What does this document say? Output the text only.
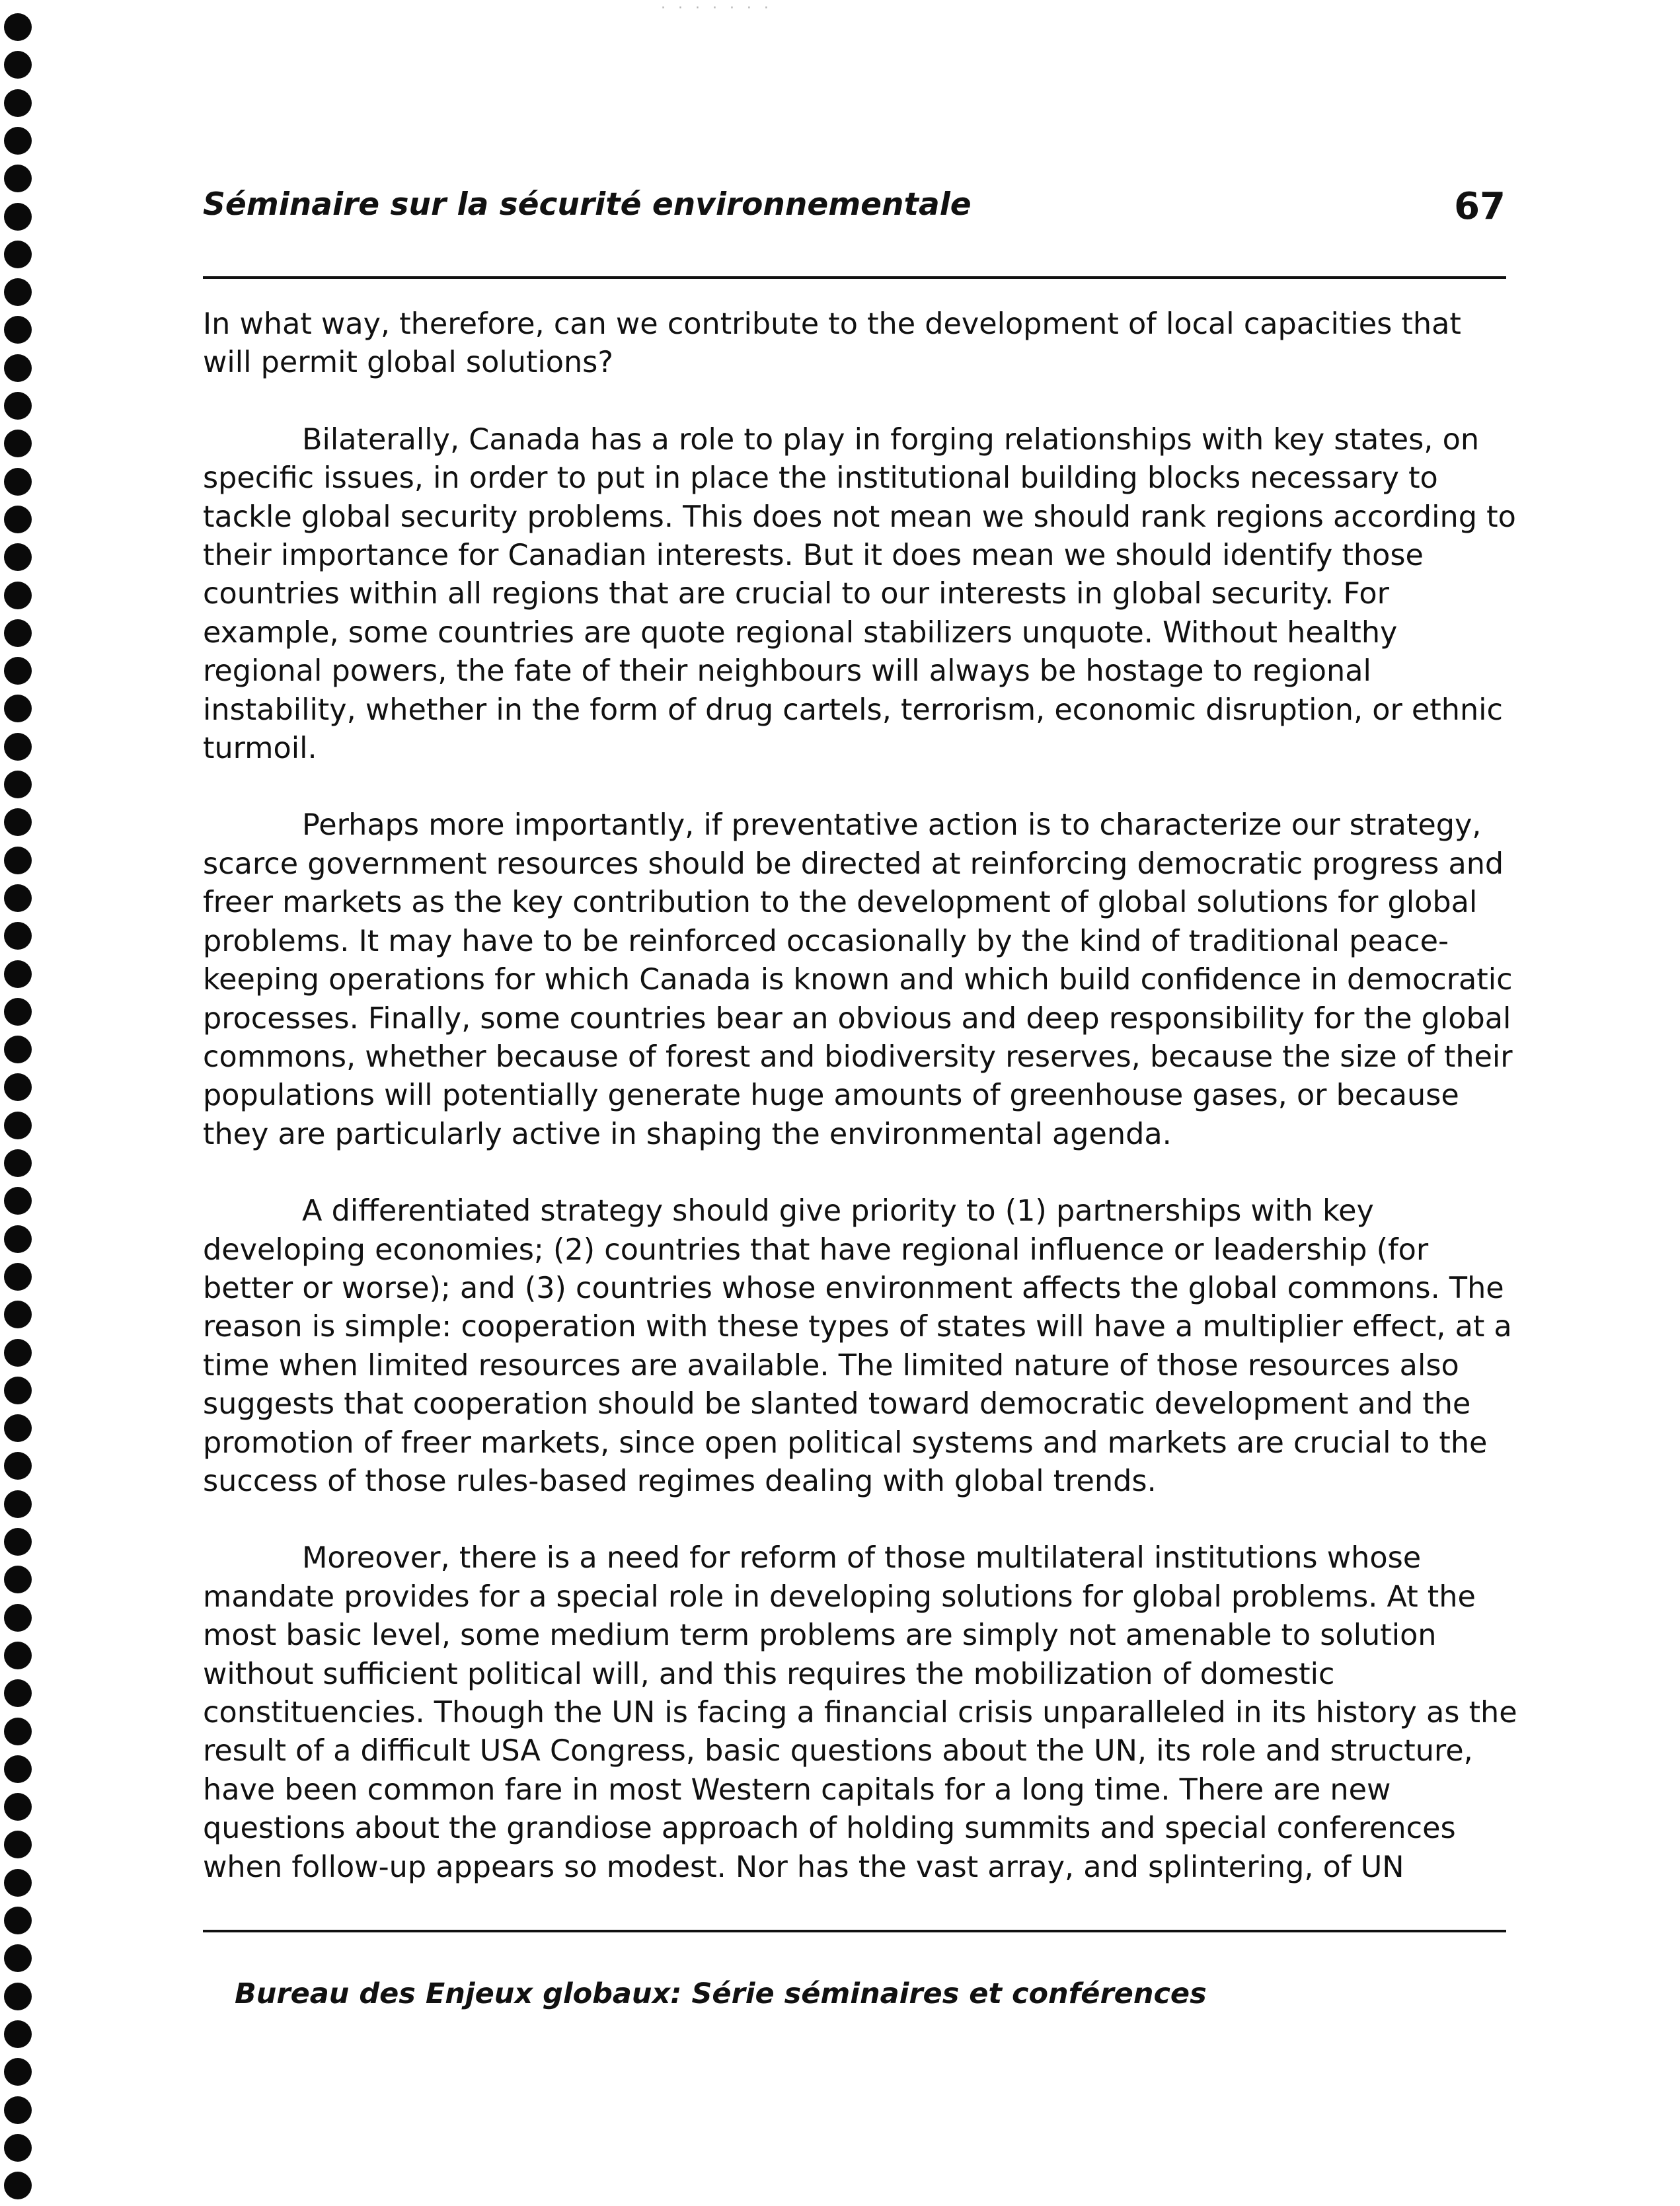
· · · · · · ·
Séminaire sur la sécurité environnementale	67

In what way, therefore, can we contribute to the development of local capacities that will permit global solutions?

Bilaterally, Canada has a role to play in forging relationships with key states, on specific issues, in order to put in place the institutional building blocks necessary to tackle global security problems. This does not mean we should rank regions according to their importance for Canadian interests. But it does mean we should identify those countries within all regions that are crucial to our interests in global security. For example, some countries are quote regional stabilizers unquote. Without healthy regional powers, the fate of their neighbours will always be hostage to regional instability, whether in the form of drug cartels, terrorism, economic disruption, or ethnic turmoil.

Perhaps more importantly, if preventative action is to characterize our strategy, scarce government resources should be directed at reinforcing democratic progress and freer markets as the key contribution to the development of global solutions for global problems. It may have to be reinforced occasionally by the kind of traditional peace-keeping operations for which Canada is known and which build confidence in democratic processes. Finally, some countries bear an obvious and deep responsibility for the global commons, whether because of forest and biodiversity reserves, because the size of their populations will potentially generate huge amounts of greenhouse gases, or because they are particularly active in shaping the environmental agenda.

A differentiated strategy should give priority to (1) partnerships with key developing economies; (2) countries that have regional influence or leadership (for better or worse); and (3) countries whose environment affects the global commons. The reason is simple: cooperation with these types of states will have a multiplier effect, at a time when limited resources are available. The limited nature of those resources also suggests that cooperation should be slanted toward democratic development and the promotion of freer markets, since open political systems and markets are crucial to the success of those rules-based regimes dealing with global trends.

Moreover, there is a need for reform of those multilateral institutions whose mandate provides for a special role in developing solutions for global problems. At the most basic level, some medium term problems are simply not amenable to solution without sufficient political will, and this requires the mobilization of domestic constituencies. Though the UN is facing a financial crisis unparalleled in its history as the result of a difficult USA Congress, basic questions about the UN, its role and structure, have been common fare in most Western capitals for a long time. There are new questions about the grandiose approach of holding summits and special conferences when follow-up appears so modest. Nor has the vast array, and splintering, of UN

Bureau des Enjeux globaux: Série séminaires et conférences
